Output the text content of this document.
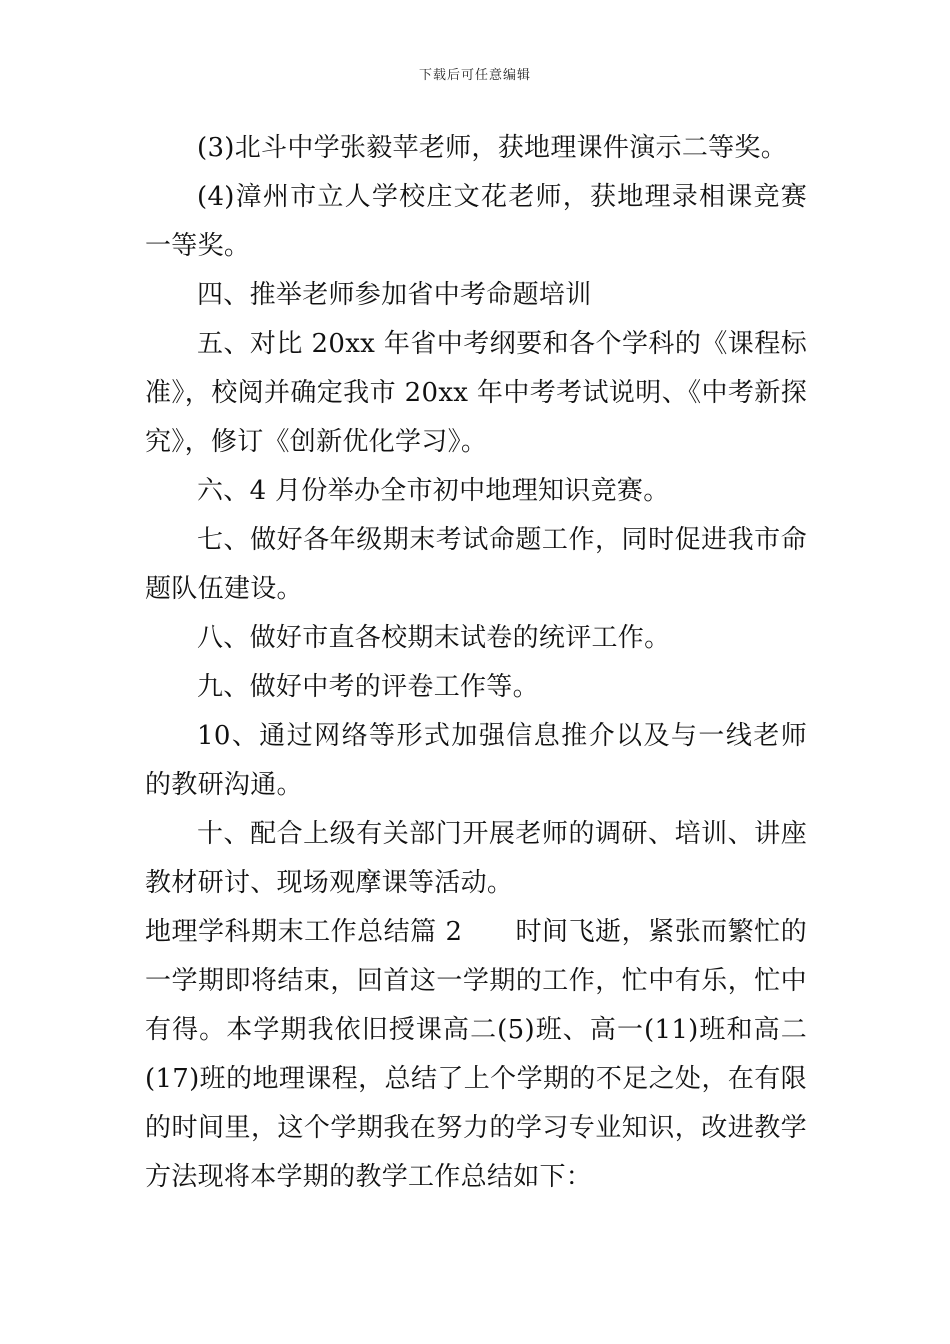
下载后可任意编辑

(3)北斗中学张毅苹老师，获地理课件演示二等奖。

(4)漳州市立人学校庄文花老师，获地理录相课竞赛一等奖。

四、推举老师参加省中考命题培训

五、对比 20xx 年省中考纲要和各个学科的《课程标准》，校阅并确定我市 20xx 年中考考试说明、《中考新探究》，修订《创新优化学习》。

六、4 月份举办全市初中地理知识竞赛。

七、做好各年级期末考试命题工作，同时促进我市命题队伍建设。

八、做好市直各校期末试卷的统评工作。

九、做好中考的评卷工作等。

10、通过网络等形式加强信息推介以及与一线老师的教研沟通。

十、配合上级有关部门开展老师的调研、培训、讲座教材研讨、现场观摩课等活动。

地理学科期末工作总结篇 2　　时间飞逝，紧张而繁忙的一学期即将结束，回首这一学期的工作，忙中有乐，忙中有得。本学期我依旧授课高二(5)班、高一(11)班和高二(17)班的地理课程，总结了上个学期的不足之处，在有限的时间里，这个学期我在努力的学习专业知识，改进教学方法现将本学期的教学工作总结如下：
